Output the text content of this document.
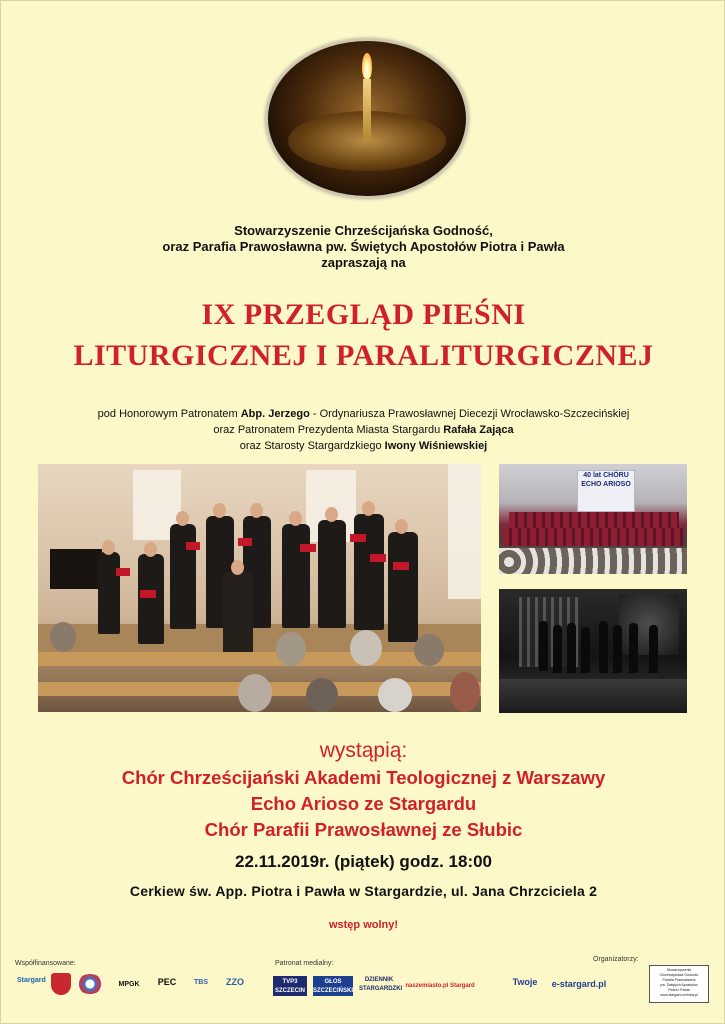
Stowarzyszenie Chrześcijańska Godność,
oraz Parafia Prawosławna pw. Świętych Apostołów Piotra i Pawła
zapraszają na
IX PRZEGLĄD PIEŚNI
LITURGICZNEJ I PARALITURGICZNEJ
pod Honorowym Patronatem Abp. Jerzego - Ordynariusza Prawosławnej Diecezji Wrocławsko-Szczecińskiej
oraz Patronatem Prezydenta Miasta Stargardu Rafała Zająca
oraz Starosty Stargardzkiego Iwony Wiśniewskiej
40 lat CHÓRU ECHO ARIOSO
wystąpią:
Chór Chrześcijański Akademi Teologicznej z Warszawy
Echo Arioso ze Stargardu
Chór Parafii Prawosławnej ze Słubic
22.11.2019r. (piątek) godz. 18:00
Cerkiew św. App. Piotra i Pawła w Stargardzie, ul. Jana Chrzciciela 2
wstęp wolny!
Współfinansowane:	Patronat medialny:
Organizatorzy:
Stargard
MPGK	PEC	TBS	ZZO	TVP3 SZCZECIN
GŁOS SZCZECIŃSKI
DZIENNIK STARGARDZKI naszemiasto.pl Stargard	Twoje	e-stargard.pl
Stowarzyszenie
Chrześcijańska Godność
Parafia Prawosławna
pw. Świętych Apostołów
Piotra i Pawła
www.stargard.cerkiew.pl
